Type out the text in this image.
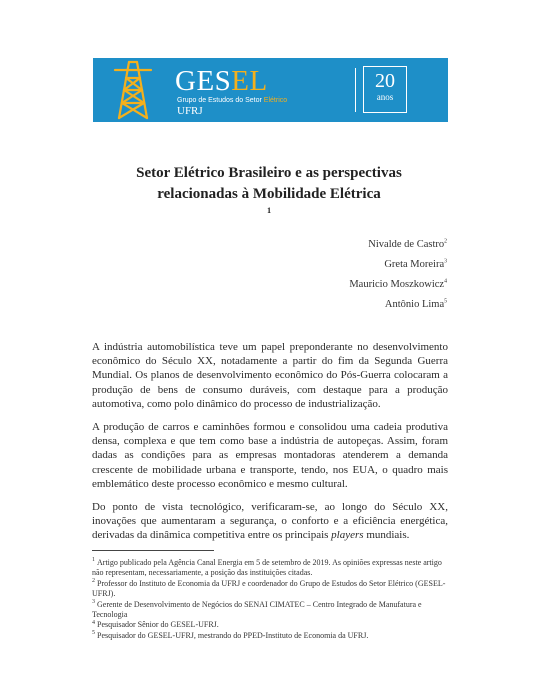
GESEL
Grupo de Estudos do Setor Elétrico
UFRJ
20
anos
Setor Elétrico Brasileiro e as perspectivas
relacionadas à Mobilidade Elétrica
$^1$
Nivalde de Castro$^2$
Greta Moreira$^3$
Mauricio Moszkowicz$^4$
Antônio Lima$^5$

A indústria automobilística teve um papel preponderante no desenvolvimento econômico do Século XX, notadamente a partir do fim da Segunda Guerra Mundial. Os planos de desenvolvimento econômico do Pós-Guerra colocaram a produção de bens de consumo duráveis, com destaque para a produção automotiva, como polo dinâmico do processo de industrialização.

A produção de carros e caminhões formou e consolidou uma cadeia produtiva densa, complexa e que tem como base a indústria de autopeças. Assim, foram dadas as condições para as empresas montadoras atenderem a demanda crescente de mobilidade urbana e transporte, tendo, nos EUA, o quadro mais emblemático deste processo econômico e mesmo cultural.

Do ponto de vista tecnológico, verificaram-se, ao longo do Século XX, inovações que aumentaram a segurança, o conforto e a eficiência energética, derivadas da dinâmica competitiva entre os principais players mundiais.

$^1$ Artigo publicado pela Agência Canal Energia em 5 de setembro de 2019. As opiniões expressas neste artigo não representam, necessariamente, a posição das instituições citadas.

$^2$ Professor do Instituto de Economia da UFRJ e coordenador do Grupo de Estudos do Setor Elétrico (GESEL-UFRJ).

$^3$ Gerente de Desenvolvimento de Negócios do SENAI CIMATEC – Centro Integrado de Manufatura e Tecnologia

$^4$ Pesquisador Sênior do GESEL-UFRJ.

$^5$ Pesquisador do GESEL-UFRJ, mestrando do PPED-Instituto de Economia da UFRJ.
